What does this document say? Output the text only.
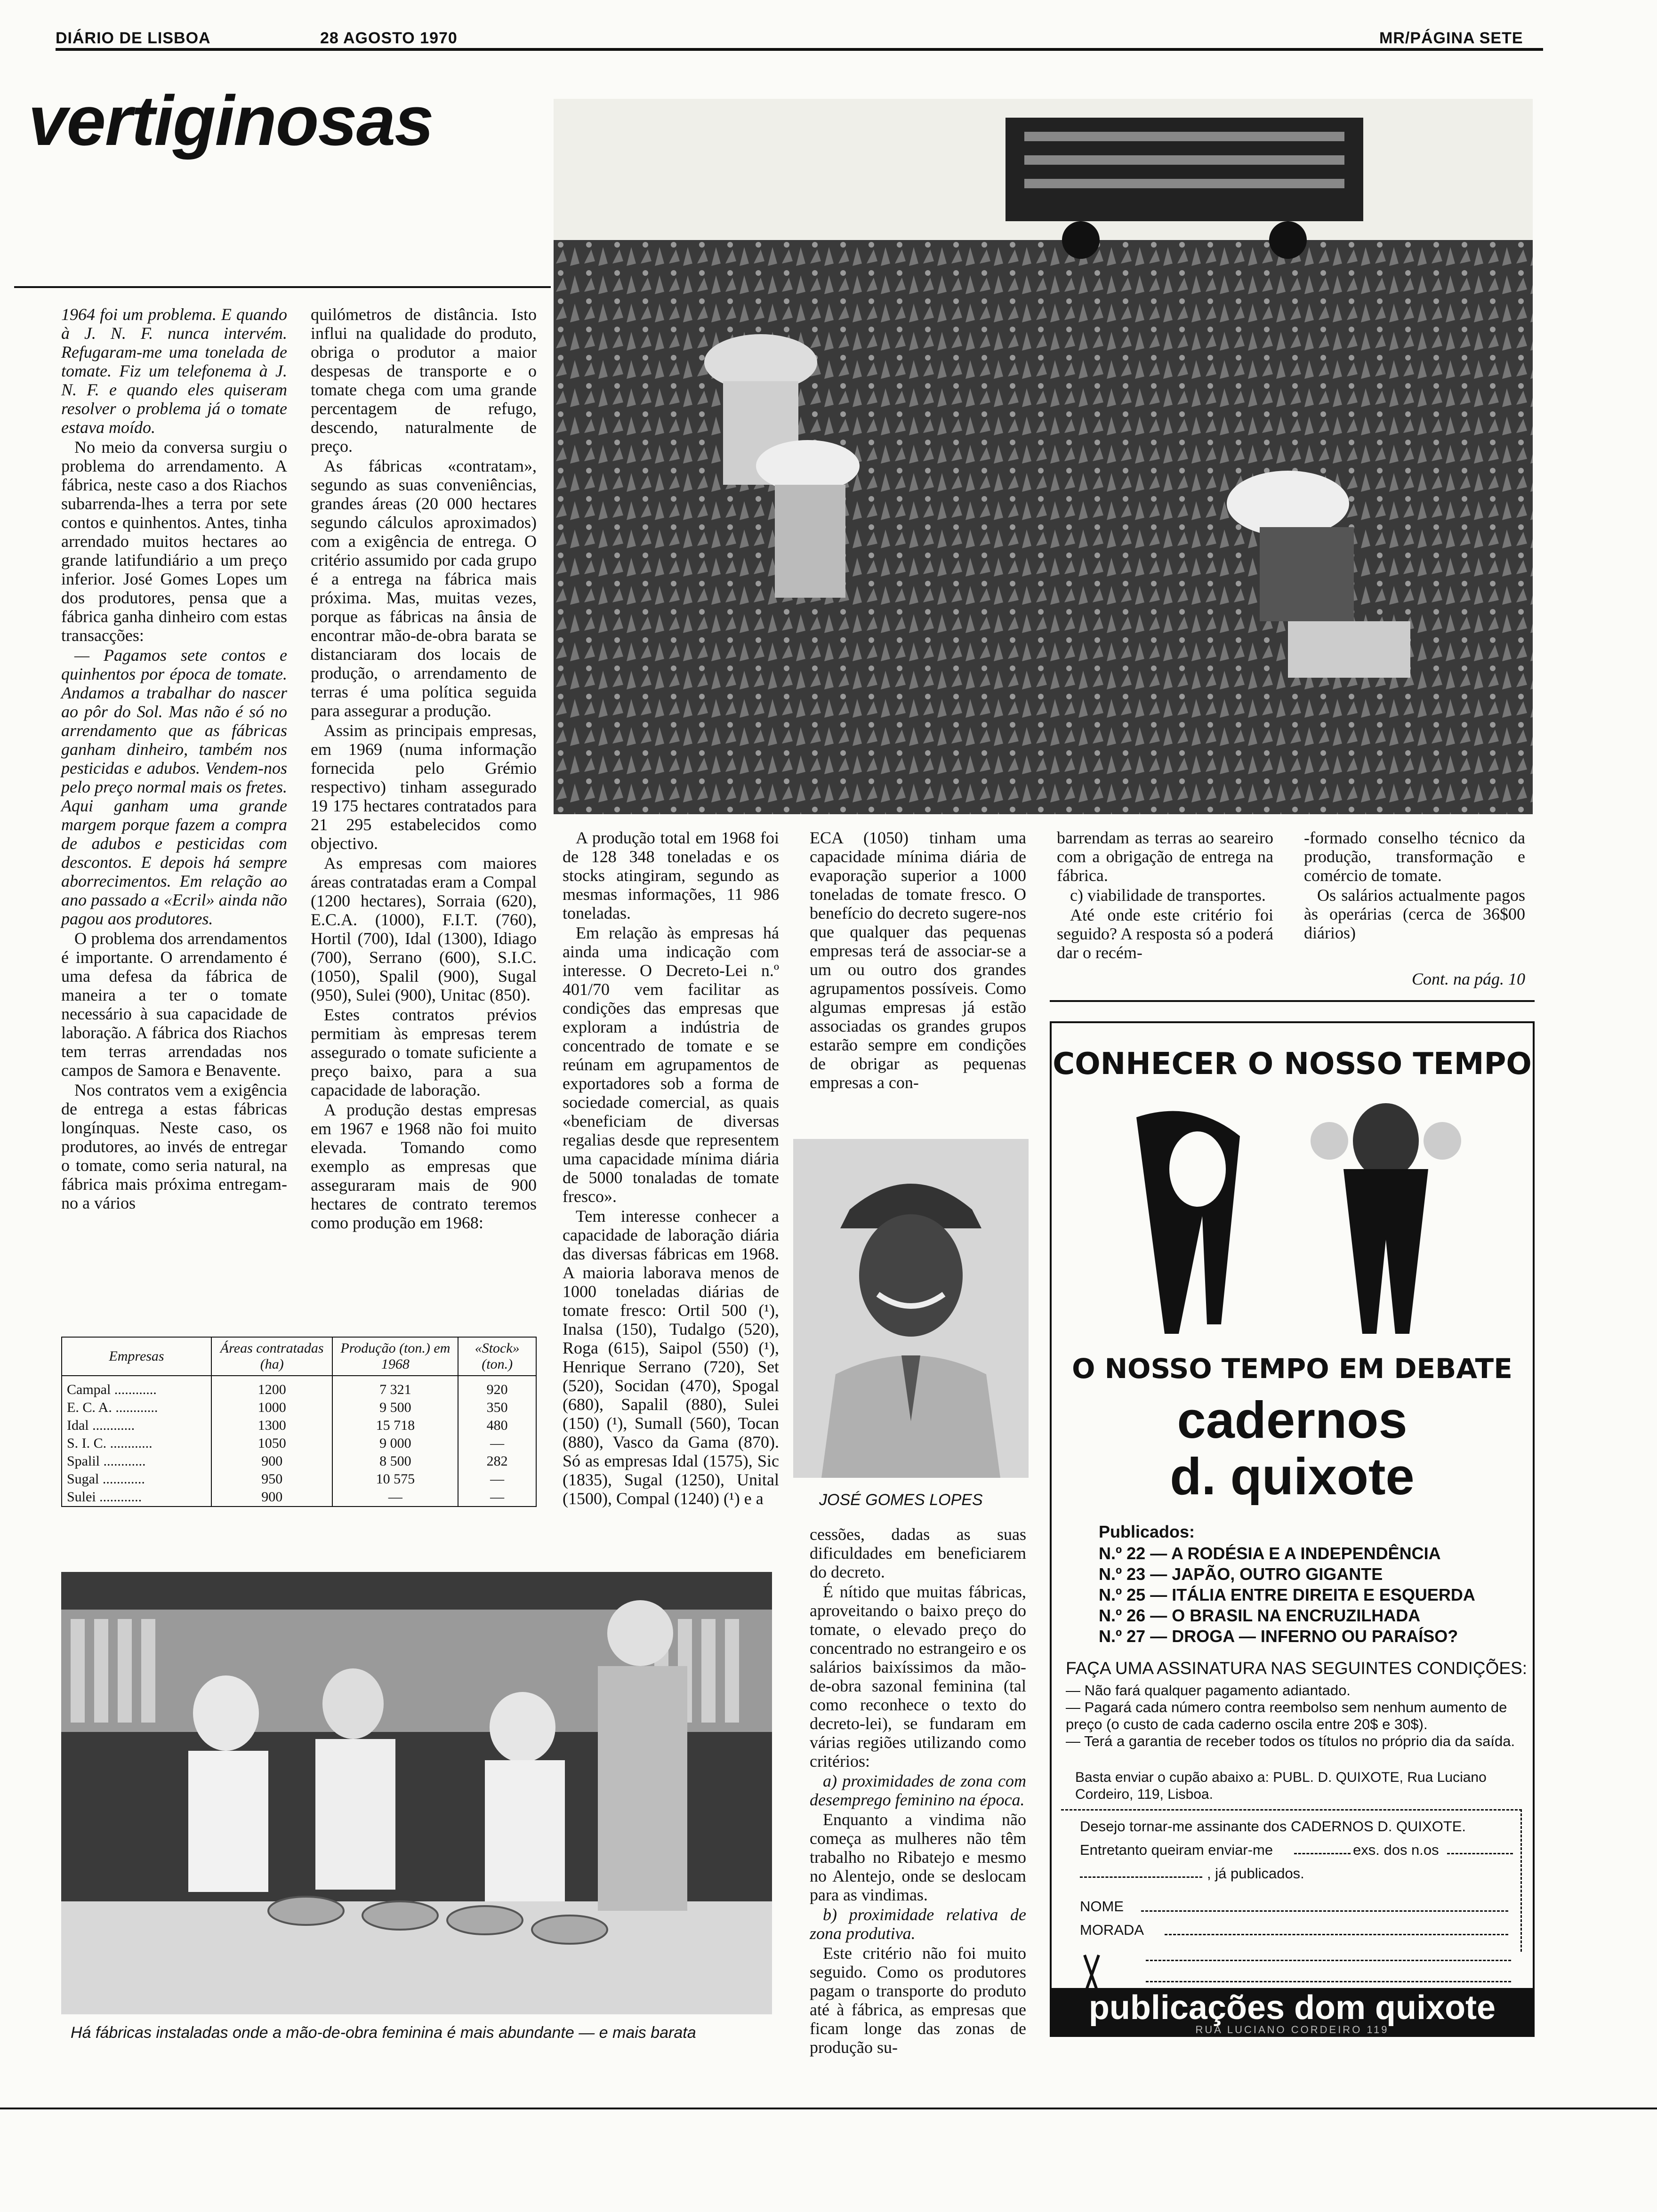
DIÁRIO DE LISBOA	28 AGOSTO 1970	MR/PÁGINA SETE
vertiginosas

1964 foi um problema. E quando à J. N. F. nunca intervém. Refugaram-me uma tonelada de tomate. Fiz um telefonema à J. N. F. e quando eles quiseram resolver o problema já o tomate estava moído.

No meio da conversa surgiu o problema do arrendamento. A fábrica, neste caso a dos Riachos subarrenda-lhes a terra por sete contos e quinhentos. Antes, tinha arrendado muitos hectares ao grande latifundiário a um preço inferior. José Gomes Lopes um dos produtores, pensa que a fábrica ganha dinheiro com estas transacções:

— Pagamos sete contos e quinhentos por época de tomate. Andamos a trabalhar do nascer ao pôr do Sol. Mas não é só no arrendamento que as fábricas ganham dinheiro, também nos pesticidas e adubos. Vendem-nos pelo preço normal mais os fretes. Aqui ganham uma grande margem porque fazem a compra de adubos e pesticidas com descontos. E depois há sempre aborrecimentos. Em relação ao ano passado a «Ecril» ainda não pagou aos produtores.

O problema dos arrendamentos é importante. O arrendamento é uma defesa da fábrica de maneira a ter o tomate necessário à sua capacidade de laboração. A fábrica dos Riachos tem terras arrendadas nos campos de Samora e Benavente.

Nos contratos vem a exigência de entrega a estas fábricas longínquas. Neste caso, os produtores, ao invés de entregar o tomate, como seria natural, na fábrica mais próxima entregam-no a vários

quilómetros de distância. Isto influi na qualidade do produto, obriga o produtor a maior despesas de transporte e o tomate chega com uma grande percentagem de refugo, descendo, naturalmente de preço.

As fábricas «contratam», segundo as suas conveniências, grandes áreas (20 000 hectares segundo cálculos aproximados) com a exigência de entrega. O critério assumido por cada grupo é a entrega na fábrica mais próxima. Mas, muitas vezes, porque as fábricas na ânsia de encontrar mão-de-obra barata se distanciaram dos locais de produção, o arrendamento de terras é uma política seguida para assegurar a produção.

Assim as principais empresas, em 1969 (numa informação fornecida pelo Grémio respectivo) tinham assegurado 19 175 hectares contratados para 21 295 estabelecidos como objectivo.

As empresas com maiores áreas contratadas eram a Compal (1200 hectares), Sorraia (620), E.C.A. (1000), F.I.T. (760), Hortil (700), Idal (1300), Idiago (700), Serrano (600), S.I.C. (1050), Spalil (900), Sugal (950), Sulei (900), Unitac (850).

Estes contratos prévios permitiam às empresas terem assegurado o tomate suficiente a preço baixo, para a sua capacidade de laboração.

A produção destas empresas em 1967 e 1968 não foi muito elevada. Tomando como exemplo as empresas que asseguraram mais de 900 hectares de contrato teremos como produção em 1968:

Empresas	Áreas contratadas (ha)	Produção (ton.) em 1968	«Stock» (ton.)
Campal ............	1200	7 321	920
E. C. A. ............	1000	9 500	350
Idal ............	1300	15 718	480
S. I. C. ............	1050	9 000	—
Spalil ............	900	8 500	282
Sugal ............	950	10 575	—
Sulei ............	900	—	—
Há fábricas instaladas onde a mão-de-obra feminina é mais abundante — e mais barata

A produção total em 1968 foi de 128 348 toneladas e os stocks atingiram, segundo as mesmas informações, 11 986 toneladas.

Em relação às empresas há ainda uma indicação com interesse. O Decreto-Lei n.º 401/70 vem facilitar as condições das empresas que exploram a indústria de concentrado de tomate e se reúnam em agrupamentos de exportadores sob a forma de sociedade comercial, as quais «beneficiam de diversas regalias desde que representem uma capacidade mínima diária de 5000 tonaladas de tomate fresco».

Tem interesse conhecer a capacidade de laboração diária das diversas fábricas em 1968. A maioria laborava menos de 1000 toneladas diárias de tomate fresco: Ortil 500 (¹), Inalsa (150), Tudalgo (520), Roga (615), Saipol (550) (¹), Henrique Serrano (720), Set (520), Socidan (470), Spogal (680), Sapalil (880), Sulei (150) (¹), Sumall (560), Tocan (880), Vasco da Gama (870). Só as empresas Idal (1575), Sic (1835), Sugal (1250), Unital (1500), Compal (1240) (¹) e a

ECA (1050) tinham uma capacidade mínima diária de evaporação superior a 1000 toneladas de tomate fresco. O benefício do decreto sugere-nos que qualquer das pequenas empresas terá de associar-se a um ou outro dos grandes agrupamentos possíveis. Como algumas empresas já estão associadas os grandes grupos estarão sempre em condições de obrigar as pequenas empresas a con-

JOSÉ GOMES LOPES

cessões, dadas as suas dificuldades em beneficiarem do decreto.

É nítido que muitas fábricas, aproveitando o baixo preço do tomate, o elevado preço do concentrado no estrangeiro e os salários baixíssimos da mão-de-obra sazonal feminina (tal como reconhece o texto do decreto-lei), se fundaram em várias regiões utilizando como critérios:

a) proximidades de zona com desemprego feminino na época.

Enquanto a vindima não começa as mulheres não têm trabalho no Ribatejo e mesmo no Alentejo, onde se deslocam para as vindimas.

b) proximidade relativa de zona produtiva.

Este critério não foi muito seguido. Como os produtores pagam o transporte do produto até à fábrica, as empresas que ficam longe das zonas de produção su-

barrendam as terras ao seareiro com a obrigação de entrega na fábrica.

c) viabilidade de transportes.

Até onde este critério foi seguido? A resposta só a poderá dar o recém-

-formado conselho técnico da produção, transformação e comércio de tomate.

Os salários actualmente pagos às operárias (cerca de 36$00 diários)

Cont. na pág. 10
CONHECER O NOSSO TEMPO
O NOSSO TEMPO EM DEBATE
cadernos
d. quixote
Publicados:
N.º 22 — A RODÉSIA E A INDEPENDÊNCIA
N.º 23 — JAPÃO, OUTRO GIGANTE
N.º 25 — ITÁLIA ENTRE DIREITA E ESQUERDA
N.º 26 — O BRASIL NA ENCRUZILHADA
N.º 27 — DROGA — INFERNO OU PARAÍSO?
FAÇA UMA ASSINATURA NAS SEGUINTES CONDIÇÕES:
— Não fará qualquer pagamento adiantado.
— Pagará cada número contra reembolso sem nenhum aumento de preço (o custo de cada caderno oscila entre 20$ e 30$).
— Terá a garantia de receber todos os títulos no próprio dia da saída.
Basta enviar o cupão abaixo a: PUBL. D. QUIXOTE, Rua Luciano Cordeiro, 119, Lisboa.
Desejo tornar-me assinante dos CADERNOS D. QUIXOTE.
Entretanto queiram enviar-me	exs. dos n.os
, já publicados.
NOME
MORADA
publicações dom quixote
RUA LUCIANO CORDEIRO 119
